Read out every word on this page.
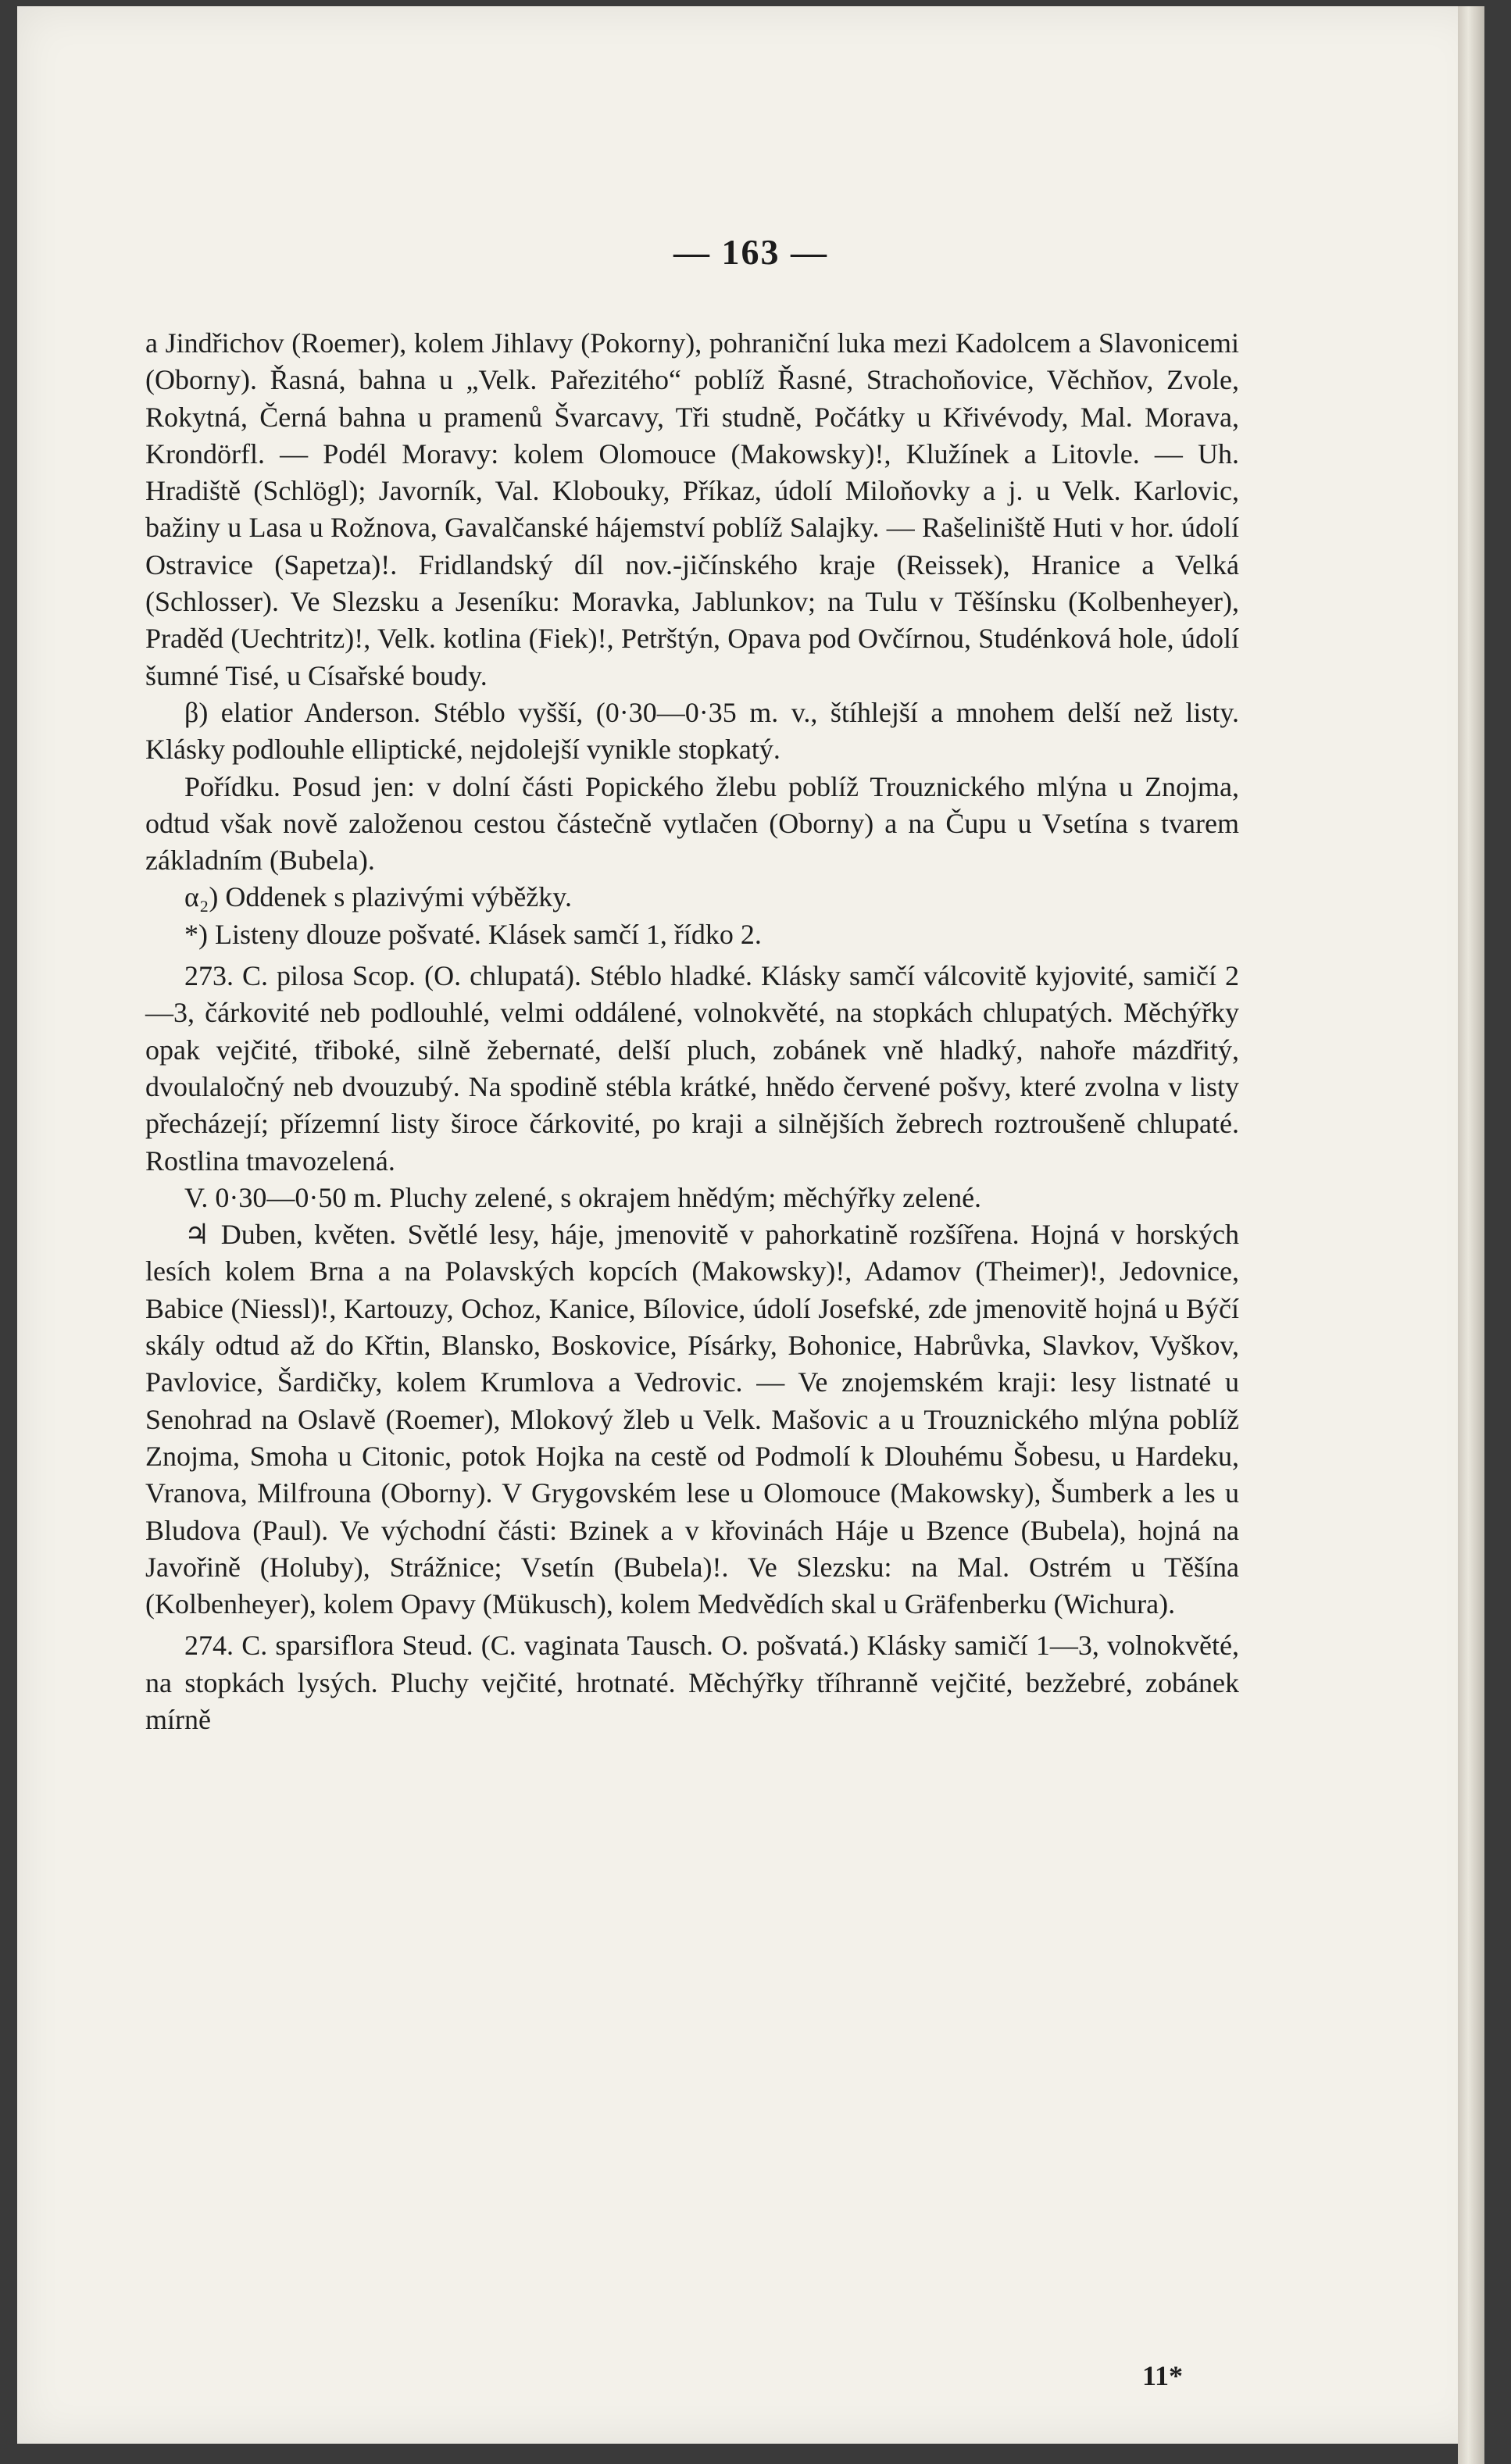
— 163 —

a Jindřichov (Roemer), kolem Jihlavy (Pokorny), pohraniční luka mezi Kadolcem a Slavonicemi (Oborny). Řasná, bahna u „Velk. Pařezitého“ poblíž Řasné, Strachoňovice, Věchňov, Zvole, Rokytná, Černá bahna u pramenů Švarcavy, Tři studně, Počátky u Křivévody, Mal. Morava, Krondörfl. — Podél Moravy: kolem Olomouce (Makowsky)!, Klužínek a Litovle. — Uh. Hradiště (Schlögl); Javorník, Val. Klobouky, Příkaz, údolí Miloňovky a j. u Velk. Karlovic, bažiny u Lasa u Rožnova, Gavalčanské hájemství poblíž Salajky. — Rašeliniště Huti v hor. údolí Ostravice (Sapetza)!. Fridlandský díl nov.-jičínského kraje (Reissek), Hranice a Velká (Schlosser). Ve Slezsku a Jeseníku: Moravka, Jablunkov; na Tulu v Těšínsku (Kolbenheyer), Praděd (Uechtritz)!, Velk. kotlina (Fiek)!, Petrštýn, Opava pod Ovčírnou, Studénková hole, údolí šumné Tisé, u Císařské boudy.

β) elatior Anderson. Stéblo vyšší, (0·30—0·35 m. v., štíhlejší a mnohem delší než listy. Klásky podlouhle elliptické, nejdolejší vynikle stopkatý.

Pořídku. Posud jen: v dolní části Popického žlebu poblíž Trouznického mlýna u Znojma, odtud však nově založenou cestou částečně vytlačen (Oborny) a na Čupu u Vsetína s tvarem základním (Bubela).

α₂) Oddenek s plazivými výběžky.

*) Listeny dlouze pošvaté. Klásek samčí 1, řídko 2.

273. C. pilosa Scop. (O. chlupatá). Stéblo hladké. Klásky samčí válcovitě kyjovité, samičí 2—3, čárkovité neb podlouhlé, velmi oddálené, volnokvěté, na stopkách chlupatých. Měchýřky opak vejčité, třiboké, silně žebernaté, delší pluch, zobánek vně hladký, nahoře mázdřitý, dvoulaločný neb dvouzubý. Na spodině stébla krátké, hnědo červené pošvy, které zvolna v listy přecházejí; přízemní listy široce čárkovité, po kraji a silnějších žebrech roztroušeně chlupaté. Rostlina tmavozelená.

V. 0·30—0·50 m. Pluchy zelené, s okrajem hnědým; měchýřky zelené.

♃ Duben, květen. Světlé lesy, háje, jmenovitě v pahorkatině rozšířena. Hojná v horských lesích kolem Brna a na Polavských kopcích (Makowsky)!, Adamov (Theimer)!, Jedovnice, Babice (Niessl)!, Kartouzy, Ochoz, Kanice, Bílovice, údolí Josefské, zde jmenovitě hojná u Býčí skály odtud až do Křtin, Blansko, Boskovice, Písárky, Bohonice, Habrůvka, Slavkov, Vyškov, Pavlovice, Šardičky, kolem Krumlova a Vedrovic. — Ve znojemském kraji: lesy listnaté u Senohrad na Oslavě (Roemer), Mlokový žleb u Velk. Mašovic a u Trouznického mlýna poblíž Znojma, Smoha u Citonic, potok Hojka na cestě od Podmolí k Dlouhému Šobesu, u Hardeku, Vranova, Milfrouna (Oborny). V Grygovském lese u Olomouce (Makowsky), Šumberk a les u Bludova (Paul). Ve východní části: Bzinek a v křovinách Háje u Bzence (Bubela), hojná na Javořině (Holuby), Strážnice; Vsetín (Bubela)!. Ve Slezsku: na Mal. Ostrém u Těšína (Kolbenheyer), kolem Opavy (Mükusch), kolem Medvědích skal u Gräfenberku (Wichura).

274. C. sparsiflora Steud. (C. vaginata Tausch. O. pošvatá.) Klásky samičí 1—3, volnokvěté, na stopkách lysých. Pluchy vejčité, hrotnaté. Měchýřky tříhranně vejčité, bezžebré, zobánek mírně

11*
